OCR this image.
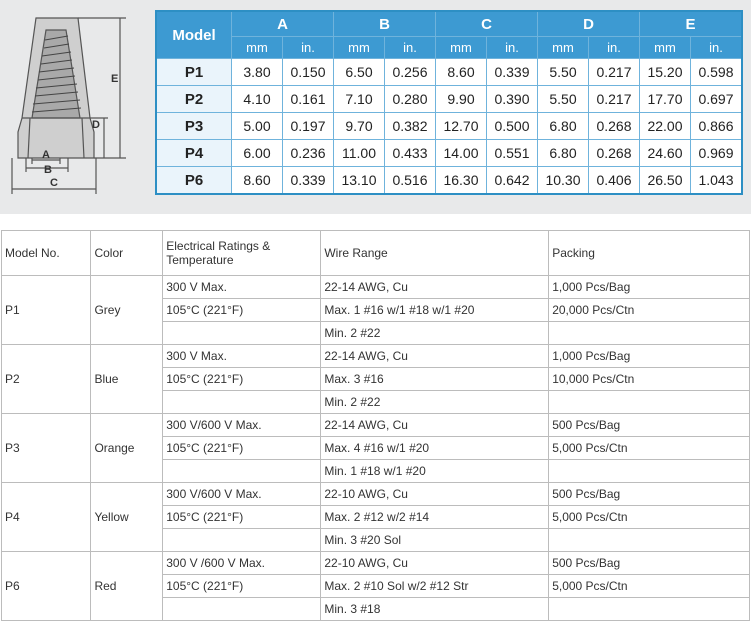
E
D
A
B
C
Model	A		B		C		D		E	
	mm	in.	mm	in.	mm	in.	mm	in.	mm	in.
P1	3.80	0.150	6.50	0.256	8.60	0.339	5.50	0.217	15.20	0.598
P2	4.10	0.161	7.10	0.280	9.90	0.390	5.50	0.217	17.70	0.697
P3	5.00	0.197	9.70	0.382	12.70	0.500	6.80	0.268	22.00	0.866
P4	6.00	0.236	11.00	0.433	14.00	0.551	6.80	0.268	24.60	0.969
P6	8.60	0.339	13.10	0.516	16.30	0.642	10.30	0.406	26.50	1.043
Model No.	Color	Electrical Ratings & Temperature	Wire Range	Packing
P1	Grey	300 V Max.	22-14 AWG, Cu	1,000 Pcs/Bag
		105°C (221°F)	Max. 1 #16 w/1 #18 w/1 #20	20,000 Pcs/Ctn
			Min. 2 #22	
P2	Blue	300 V Max.	22-14 AWG, Cu	1,000 Pcs/Bag
		105°C (221°F)	Max. 3 #16	10,000 Pcs/Ctn
			Min. 2 #22	
P3	Orange	300 V/600 V Max.	22-14 AWG, Cu	500 Pcs/Bag
		105°C (221°F)	Max. 4 #16 w/1 #20	5,000 Pcs/Ctn
			Min. 1 #18 w/1 #20	
P4	Yellow	300 V/600 V Max.	22-10 AWG, Cu	500 Pcs/Bag
		105°C (221°F)	Max. 2 #12 w/2 #14	5,000 Pcs/Ctn
			Min. 3 #20 Sol	
P6	Red	300 V /600 V Max.	22-10 AWG, Cu	500 Pcs/Bag
		105°C (221°F)	Max. 2 #10 Sol w/2 #12 Str	5,000 Pcs/Ctn
			Min. 3 #18	
